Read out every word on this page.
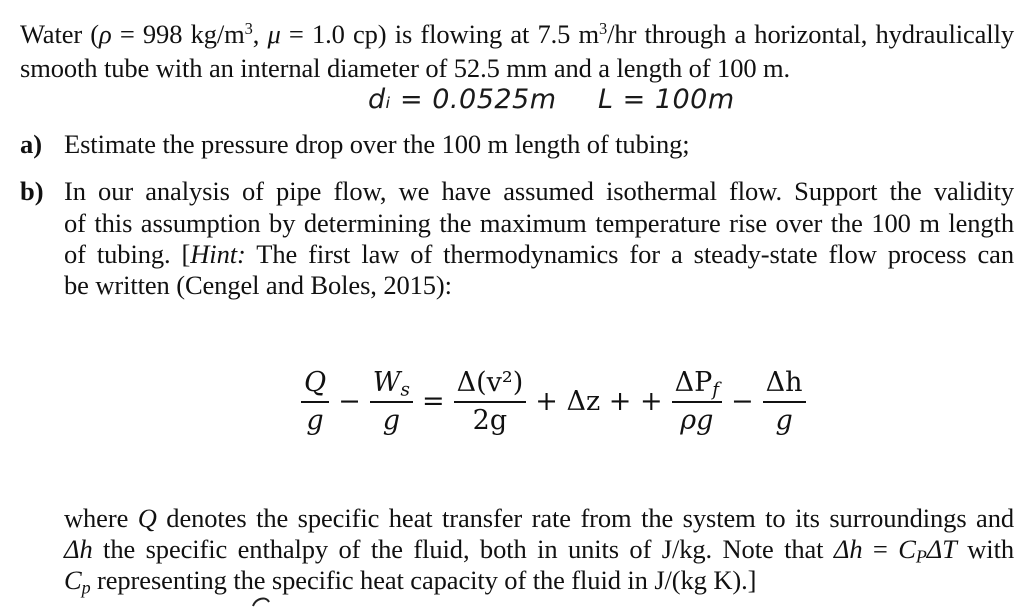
Water (ρ = 998 $kg/m^3$, μ = 1.0 cp) is flowing at 7.5 $m^3/hr$ through a horizontal, hydraulically
smooth tube with an internal diameter of 52.5 mm and a length of 100 m.
dᵢ = 0.0525m L = 100m
a) Estimate the pressure drop over the 100 m length of tubing;
b) In our analysis of pipe flow, we have assumed isothermal flow. Support the validity
of this assumption by determining the maximum temperature rise over the 100 m length
of tubing. [Hint: The first law of thermodynamics for a steady-state flow process can
be written (Cengel and Boles, 2015):
$\frac{Q}{g} - \frac{W_s}{g} = \frac{\text{Δ(v²)}}{2g} + \Delta z$ + + $\frac{\Delta P_f}{\rho g} - \frac{\Delta h}{g}$
where Q denotes the specific heat transfer rate from the system to its surroundings and
Δh the specific enthalpy of the fluid, both in units of J/kg. Note that $\Delta h = C_P\Delta T$ with
$C_p$ representing the specific heat capacity of the fluid in J/(kg K).]
